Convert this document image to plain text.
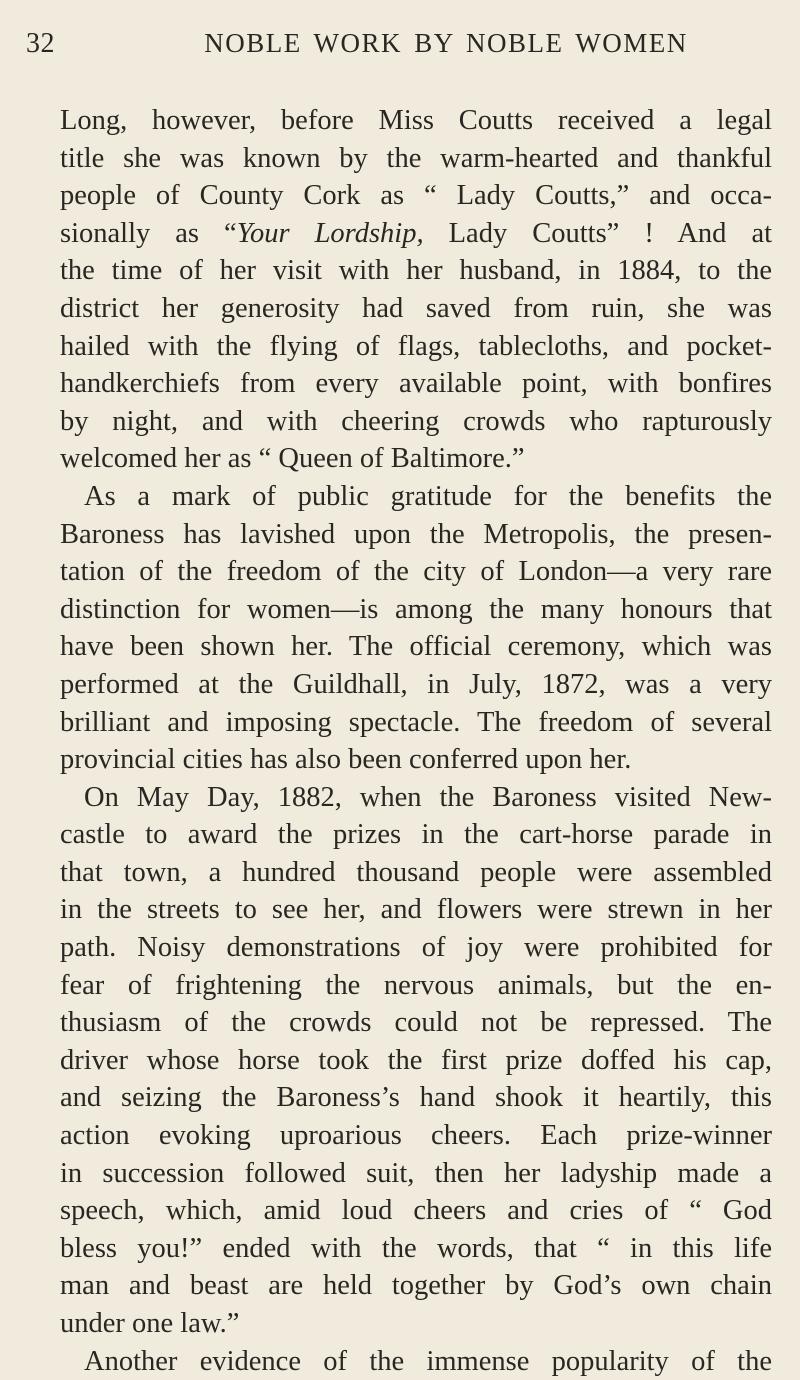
32	NOBLE WORK BY NOBLE WOMEN
Long, however, before Miss Coutts received a legal
title she was known by the warm-hearted and thankful
people of County Cork as “ Lady Coutts,” and occa-
sionally as “Your Lordship, Lady Coutts” ! And at
the time of her visit with her husband, in 1884, to the
district her generosity had saved from ruin, she was
hailed with the flying of flags, tablecloths, and pocket-
handkerchiefs from every available point, with bonfires
by night, and with cheering crowds who rapturously
welcomed her as “ Queen of Baltimore.”
As a mark of public gratitude for the benefits the
Baroness has lavished upon the Metropolis, the presen-
tation of the freedom of the city of London—a very rare
distinction for women—is among the many honours that
have been shown her. The official ceremony, which was
performed at the Guildhall, in July, 1872, was a very
brilliant and imposing spectacle. The freedom of several
provincial cities has also been conferred upon her.
On May Day, 1882, when the Baroness visited New-
castle to award the prizes in the cart-horse parade in
that town, a hundred thousand people were assembled
in the streets to see her, and flowers were strewn in her
path. Noisy demonstrations of joy were prohibited for
fear of frightening the nervous animals, but the en-
thusiasm of the crowds could not be repressed. The
driver whose horse took the first prize doffed his cap,
and seizing the Baroness’s hand shook it heartily, this
action evoking uproarious cheers. Each prize-winner
in succession followed suit, then her ladyship made a
speech, which, amid loud cheers and cries of “ God
bless you!” ended with the words, that “ in this life
man and beast are held together by God’s own chain
under one law.”
Another evidence of the immense popularity of the
